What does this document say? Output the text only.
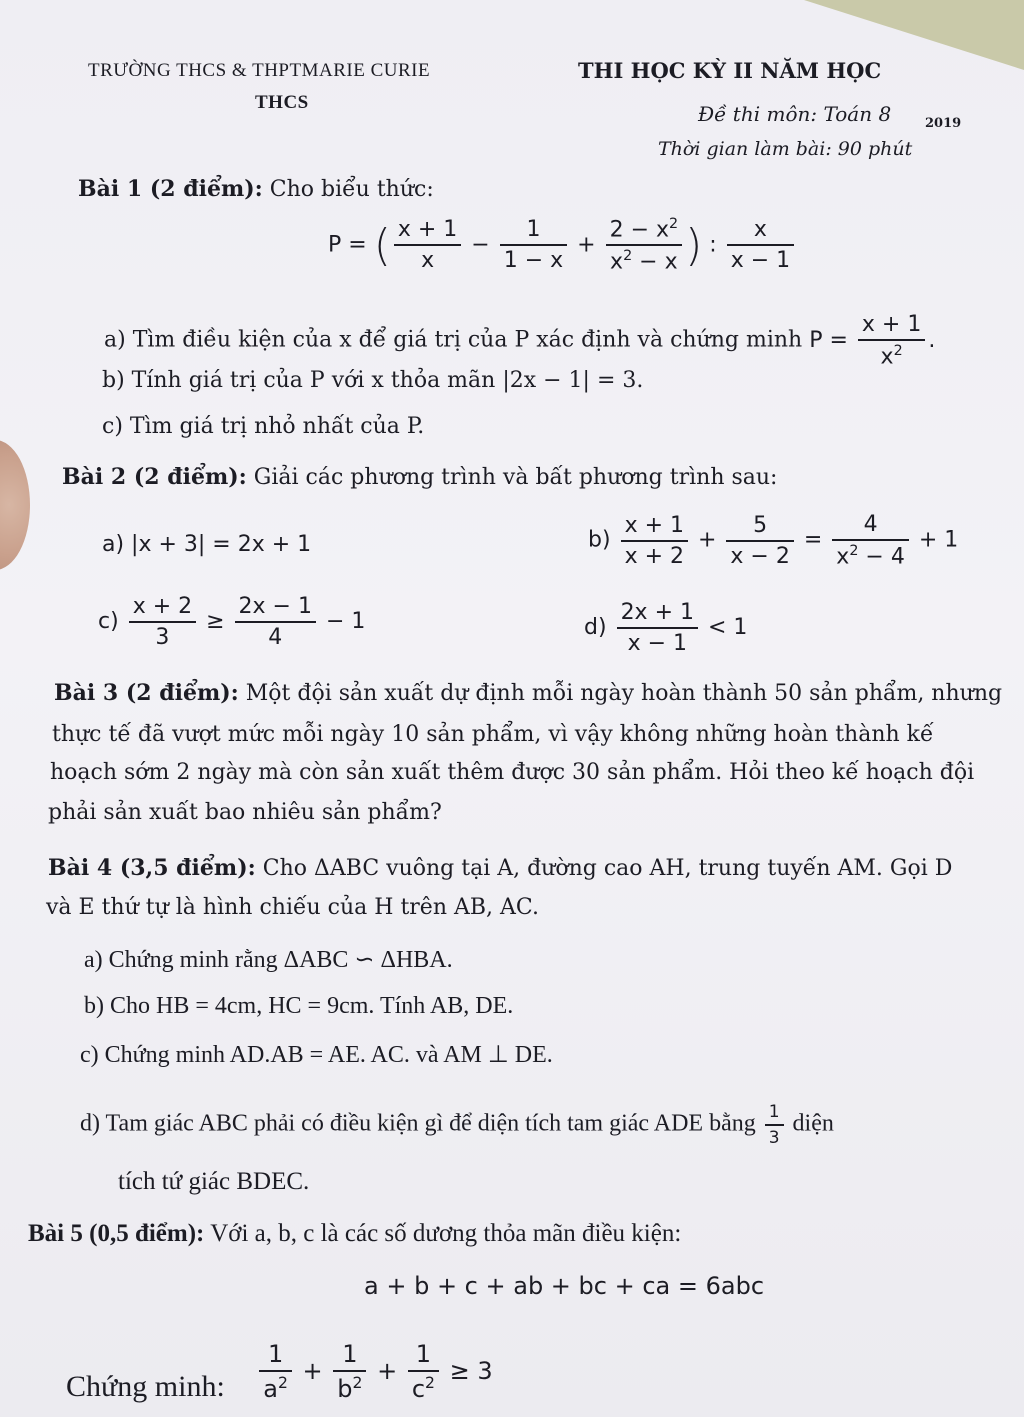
TRƯỜNG THCS & THPTMARIE CURIE
THCS
THI HỌC KỲ II NĂM HỌC
2019
Đề thi môn: Toán 8
Thời gian làm bài: 90 phút
Bài 1 (2 điểm): Cho biểu thức:
P = ( $\frac{x + 1}{x} - \frac{1}{1 - x} + \frac{2 - x^2}{x^2 - x}$ ) : $\frac{x}{x - 1}$
a) Tìm điều kiện của x để giá trị của P xác định và chứng minh $P = \frac{x + 1}{x^2}$ .
b) Tính giá trị của P với x thỏa mãn |2x − 1| = 3.
c) Tìm giá trị nhỏ nhất của P.
Bài 2 (2 điểm): Giải các phương trình và bất phương trình sau:
a) |x + 3| = 2x + 1	$b) \frac{x + 1}{x + 2} + \frac{5}{x - 2} = \frac{4}{x^2 - 4} + 1$
$c) \frac{x + 2}{3} \ge \frac{2x - 1}{4} - 1$	$d) \frac{2x + 1}{x - 1} < 1$
Bài 3 (2 điểm): Một đội sản xuất dự định mỗi ngày hoàn thành 50 sản phẩm, nhưng
thực tế đã vượt mức mỗi ngày 10 sản phẩm, vì vậy không những hoàn thành kế
hoạch sớm 2 ngày mà còn sản xuất thêm được 30 sản phẩm. Hỏi theo kế hoạch đội
phải sản xuất bao nhiêu sản phẩm?
Bài 4 (3,5 điểm): Cho ΔABC vuông tại A, đường cao AH, trung tuyến AM. Gọi D
và E thứ tự là hình chiếu của H trên AB, AC.
a) Chứng minh rằng ΔABC ∽ ΔHBA.
b) Cho HB = 4cm, HC = 9cm. Tính AB, DE.
c) Chứng minh AD.AB = AE. AC. và AM ⊥ DE.
d) Tam giác ABC phải có điều kiện gì để diện tích tam giác ADE bằng $\frac{1}{3}$ diện
tích tứ giác BDEC.
Bài 5 (0,5 điểm): Với a, b, c là các số dương thỏa mãn điều kiện:
a + b + c + ab + bc + ca = 6abc
Chứng minh: $\frac{1}{a^2} + \frac{1}{b^2} + \frac{1}{c^2} \ge 3$
